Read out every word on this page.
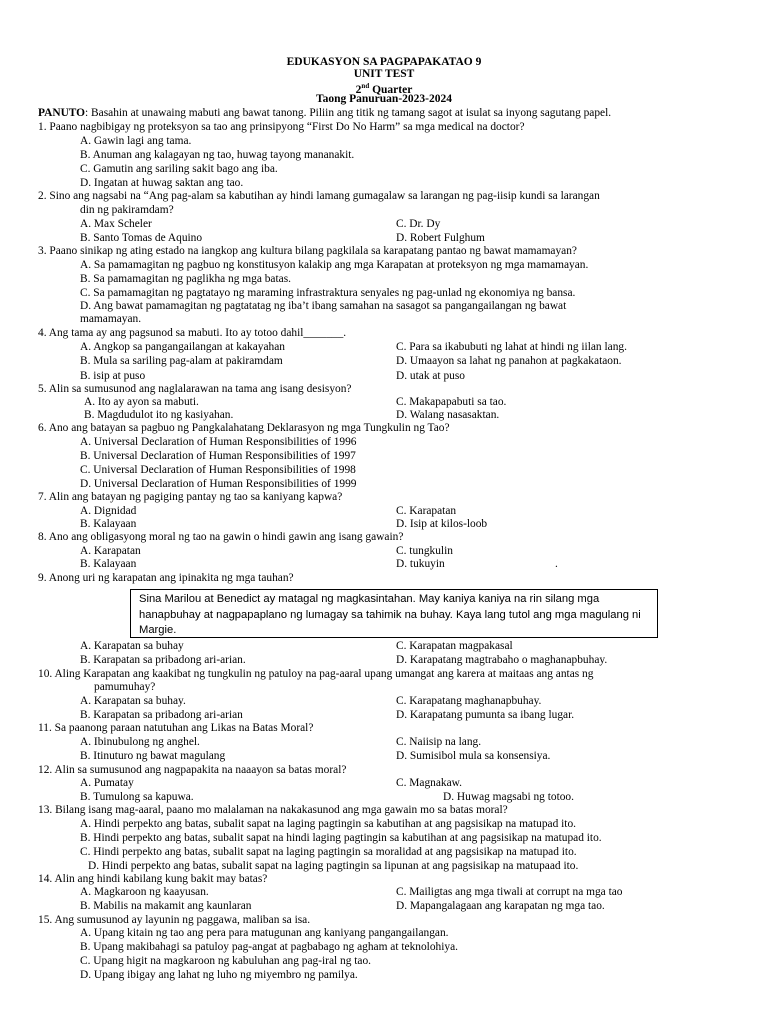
EDUKASYON SA PAGPAPAKATAO 9
UNIT TEST
2nd Quarter
Taong Panuruan-2023-2024
PANUTO: Basahin at unawaing mabuti ang bawat tanong. Piliin ang titik ng tamang sagot at isulat sa inyong sagutang papel.
1. Paano nagbibigay ng proteksyon sa tao ang prinsipyong “First Do No Harm” sa mga medical na doctor?
A. Gawin lagi ang tama.
B. Anuman ang kalagayan ng tao, huwag tayong mananakit.
C. Gamutin ang sariling sakit bago ang iba.
D. Ingatan at huwag saktan ang tao.
2. Sino ang nagsabi na “Ang pag-alam sa kabutihan ay hindi lamang gumagalaw sa larangan ng pag-iisip kundi sa larangan
din ng pakiramdam?
A. Max Scheler	C. Dr. Dy
B. Santo Tomas de Aquino	D. Robert Fulghum
3. Paano sinikap ng ating estado na iangkop ang kultura bilang pagkilala sa karapatang pantao ng bawat mamamayan?
A. Sa pamamagitan ng pagbuo ng konstitusyon kalakip ang mga Karapatan at proteksyon ng mga mamamayan.
B. Sa pamamagitan ng paglikha ng mga batas.
C. Sa pamamagitan ng pagtatayo ng maraming infrastraktura senyales ng pag-unlad ng ekonomiya ng bansa.
D. Ang bawat pamamagitan ng pagtatatag ng iba’t ibang samahan na sasagot sa pangangailangan ng bawat
mamamayan.
4. Ang tama ay ang pagsunod sa mabuti. Ito ay totoo dahil_______.
A. Angkop sa pangangailangan at kakayahan	C. Para sa ikabubuti ng lahat at hindi ng iilan lang.
B. Mula sa sariling pag-alam at pakiramdam	D. Umaayon sa lahat ng panahon at pagkakataon.
B. isip at puso	D. utak at puso
5. Alin sa sumusunod ang naglalarawan na tama ang isang desisyon?
A. Ito ay ayon sa mabuti.	C. Makapapabuti sa tao.
B. Magdudulot ito ng kasiyahan.	D. Walang nasasaktan.
6. Ano ang batayan sa pagbuo ng Pangkalahatang Deklarasyon ng mga Tungkulin ng Tao?
A. Universal Declaration of Human Responsibilities of 1996
B. Universal Declaration of Human Responsibilities of 1997
C. Universal Declaration of Human Responsibilities of 1998
D. Universal Declaration of Human Responsibilities of 1999
7. Alin ang batayan ng pagiging pantay ng tao sa kaniyang kapwa?
A. Dignidad	C. Karapatan
B. Kalayaan	D. Isip at kilos-loob
8. Ano ang obligasyong moral ng tao na gawin o hindi gawin ang isang gawain?
A. Karapatan	C. tungkulin
B. Kalayaan	D. tukuyin	.
9. Anong uri ng karapatan ang ipinakita ng mga tauhan?
A. Karapatan sa buhay	C. Karapatan magpakasal
B. Karapatan sa pribadong ari-arian.	D. Karapatang magtrabaho o maghanapbuhay.
10. Aling Karapatan ang kaakibat ng tungkulin ng patuloy na pag-aaral upang umangat ang karera at maitaas ang antas ng
pamumuhay?
A. Karapatan sa buhay.	C. Karapatang maghanapbuhay.
B. Karapatan sa pribadong ari-arian	D. Karapatang pumunta sa ibang lugar.
11. Sa paanong paraan natutuhan ang Likas na Batas Moral?
A. Ibinubulong ng anghel.	C. Naiisip na lang.
B. Itinuturo ng bawat magulang	D. Sumisibol mula sa konsensiya.
12. Alin sa sumusunod ang nagpapakita na naaayon sa batas moral?
A. Pumatay	C. Magnakaw.
B. Tumulong sa kapuwa.	D. Huwag magsabi ng totoo.
13. Bilang isang mag-aaral, paano mo malalaman na nakakasunod ang mga gawain mo sa batas moral?
A. Hindi perpekto ang batas, subalit sapat na laging pagtingin sa kabutihan at ang pagsisikap na matupad ito.
B. Hindi perpekto ang batas, subalit sapat na hindi laging pagtingin sa kabutihan at ang pagsisikap na matupad ito.
C. Hindi perpekto ang batas, subalit sapat na laging pagtingin sa moralidad at ang pagsisikap na matupad ito.
D. Hindi perpekto ang batas, subalit sapat na laging pagtingin sa lipunan at ang pagsisikap na matupaad ito.
14. Alin ang hindi kabilang kung bakit may batas?
A. Magkaroon ng kaayusan.	C. Mailigtas ang mga tiwali at corrupt na mga tao
B. Mabilis na makamit ang kaunlaran	D. Mapangalagaan ang karapatan ng mga tao.
15. Ang sumusunod ay layunin ng paggawa, maliban sa isa.
A. Upang kitain ng tao ang pera para matugunan ang kaniyang pangangailangan.
B. Upang makibahagi sa patuloy pag-angat at pagbabago ng agham at teknolohiya.
C. Upang higit na magkaroon ng kabuluhan ang pag-iral ng tao.
D. Upang ibigay ang lahat ng luho ng miyembro ng pamilya.
Sina Marilou at Benedict ay matagal ng magkasintahan. May kaniya kaniya na rin silang mga hanapbuhay at nagpapaplano ng lumagay sa tahimik na buhay. Kaya lang tutol ang mga magulang ni Margie.
